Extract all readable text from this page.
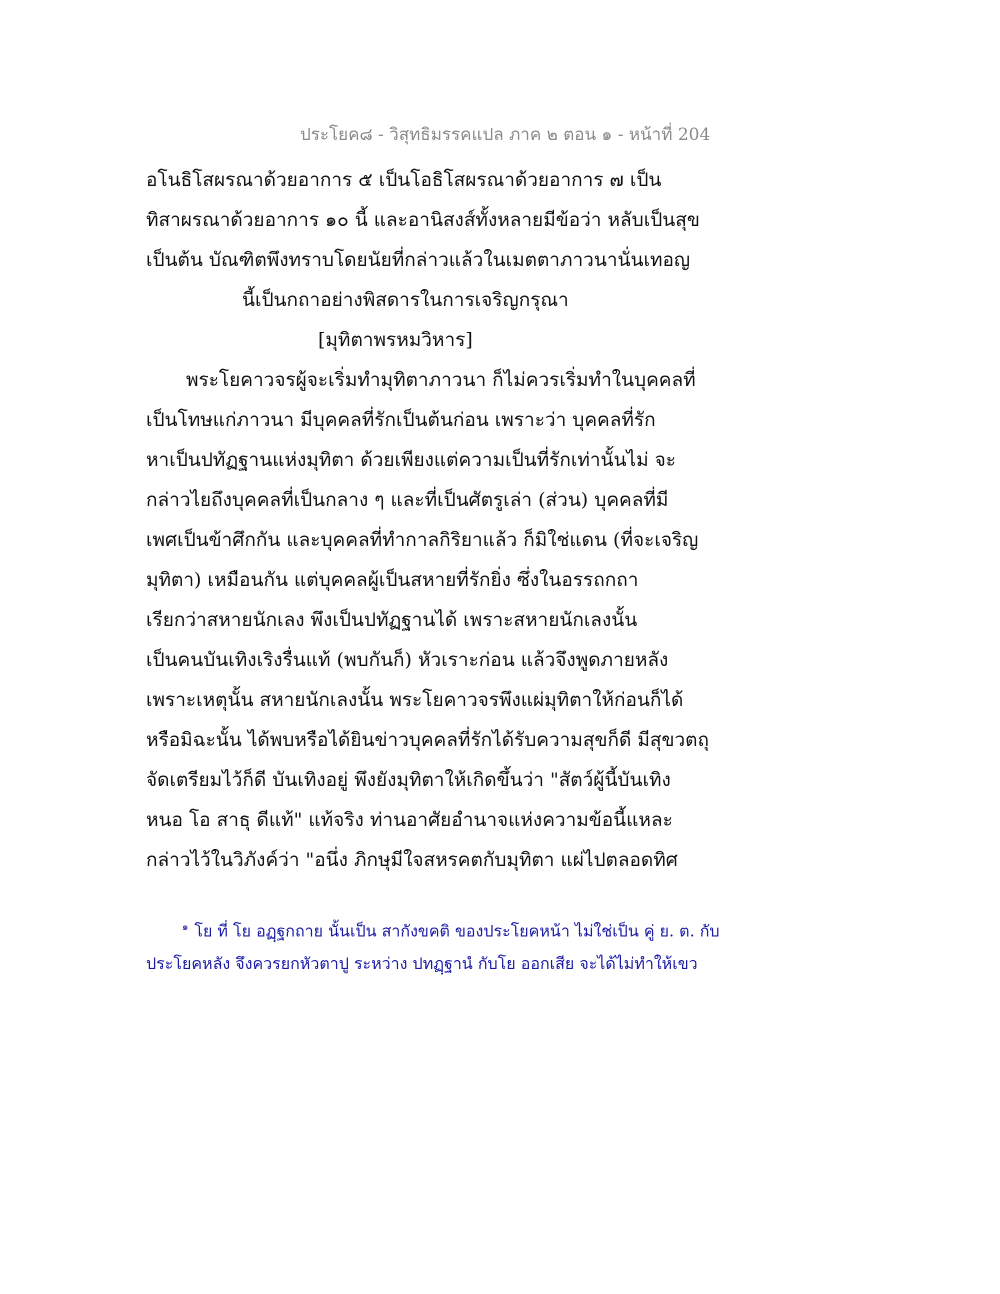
ประโยค๘ - วิสุทธิมรรคแปล ภาค ๒ ตอน ๑ - หน้าที่ 204
อโนธิโสผรณาด้วยอาการ ๕ เป็นโอธิโสผรณาด้วยอาการ ๗ เป็น
ทิสาผรณาด้วยอาการ ๑๐ นี้ และอานิสงส์ทั้งหลายมีข้อว่า หลับเป็นสุข
เป็นต้น บัณฑิตพึงทราบโดยนัยที่กล่าวแล้วในเมตตาภาวนานั่นเทอญ
นี้เป็นกถาอย่างพิสดารในการเจริญกรุณา
[มุทิตาพรหมวิหาร]
พระโยคาวจรผู้จะเริ่มทำมุทิตาภาวนา ก็ไม่ควรเริ่มทำในบุคคลที่
เป็นโทษแก่ภาวนา มีบุคคลที่รักเป็นต้นก่อน เพราะว่า บุคคลที่รัก
หาเป็นปทัฏฐานแห่งมุทิตา ด้วยเพียงแต่ความเป็นที่รักเท่านั้นไม่ จะ
กล่าวไยถึงบุคคลที่เป็นกลาง ๆ และที่เป็นศัตรูเล่า (ส่วน) บุคคลที่มี
เพศเป็นข้าศึกกัน และบุคคลที่ทำกาลกิริยาแล้ว ก็มิใช่แดน (ที่จะเจริญ
มุทิตา) เหมือนกัน แต่บุคคลผู้เป็นสหายที่รักยิ่ง ซึ่งในอรรถกถา
เรียกว่าสหายนักเลง พึงเป็นปทัฏฐานได้ เพราะสหายนักเลงนั้น
เป็นคนบันเทิงเริงรื่นแท้ (พบกันก็) หัวเราะก่อน แล้วจึงพูดภายหลัง
เพราะเหตุนั้น สหายนักเลงนั้น พระโยคาวจรพึงแผ่มุทิตาให้ก่อนก็ได้
หรือมิฉะนั้น ได้พบหรือได้ยินข่าวบุคคลที่รักได้รับความสุขก็ดี มีสุขวตถุ
จัดเตรียมไว้ก็ดี บันเทิงอยู่ พึงยังมุทิตาให้เกิดขึ้นว่า "สัตว์ผู้นี้บันเทิง
หนอ โอ สาธุ ดีแท้" แท้จริง ท่านอาศัยอำนาจแห่งความข้อนี้แหละ
กล่าวไว้ในวิภังค์ว่า "อนึ่ง ภิกษุมีใจสหรคตกับมุทิตา แผ่ไปตลอดทิศ
$^๑$ โย ที่ โย อฏฺฐกถาย นั้นเป็น สากังขคติ ของประโยคหน้า ไม่ใช่เป็น คู่ ย. ต. กับ
ประโยคหลัง จึงควรยกหัวตาปู ระหว่าง ปทฏฺฐานํ กับโย ออกเสีย จะได้ไม่ทำให้เขว
